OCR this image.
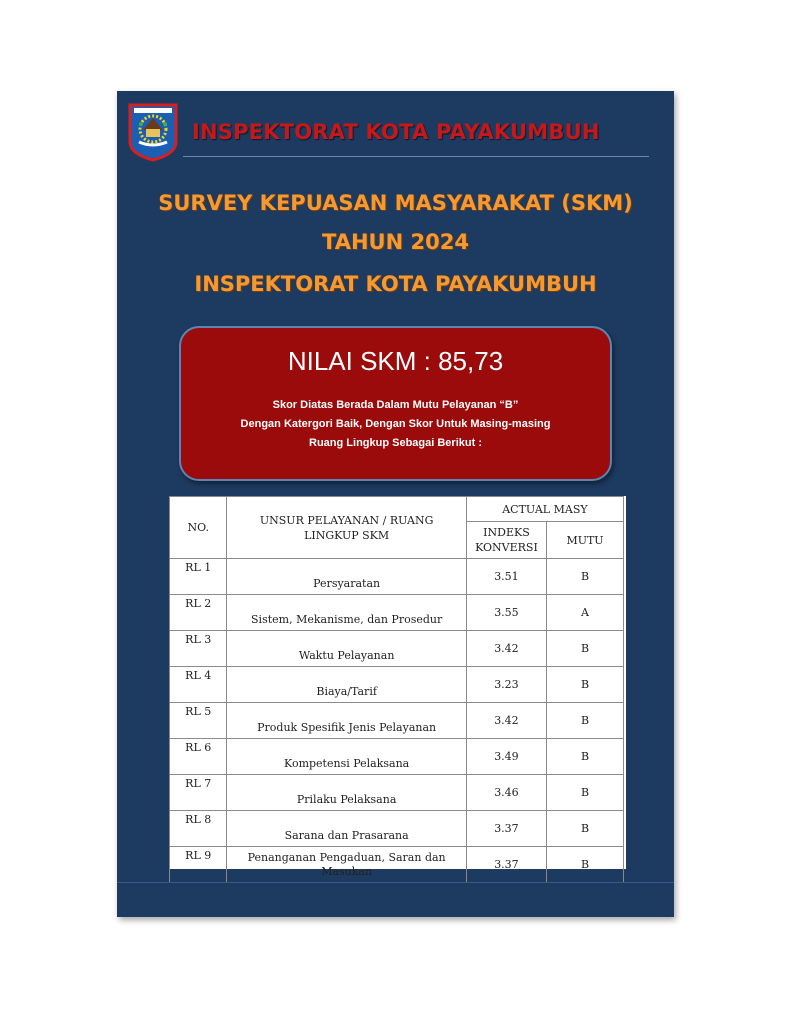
INSPEKTORAT KOTA PAYAKUMBUH
SURVEY KEPUASAN MASYARAKAT (SKM)
TAHUN 2024
INSPEKTORAT KOTA PAYAKUMBUH
NILAI SKM : 85,73
Skor Diatas Berada Dalam Mutu Pelayanan “B”
Dengan Katergori Baik, Dengan Skor Untuk Masing-masing
Ruang Lingkup Sebagai Berikut :
NO.	UNSUR PELAYANAN / RUANG LINGKUP SKM	ACTUAL MASY	
		INDEKS KONVERSI	MUTU
RL 1	Persyaratan	3.51	B
RL 2	Sistem, Mekanisme, dan Prosedur	3.55	A
RL 3	Waktu Pelayanan	3.42	B
RL 4	Biaya/Tarif	3.23	B
RL 5	Produk Spesifik Jenis Pelayanan	3.42	B
RL 6	Kompetensi Pelaksana	3.49	B
RL 7	Prilaku Pelaksana	3.46	B
RL 8	Sarana dan Prasarana	3.37	B
RL 9	Penanganan Pengaduan, Saran dan Masukan	3.37	B
